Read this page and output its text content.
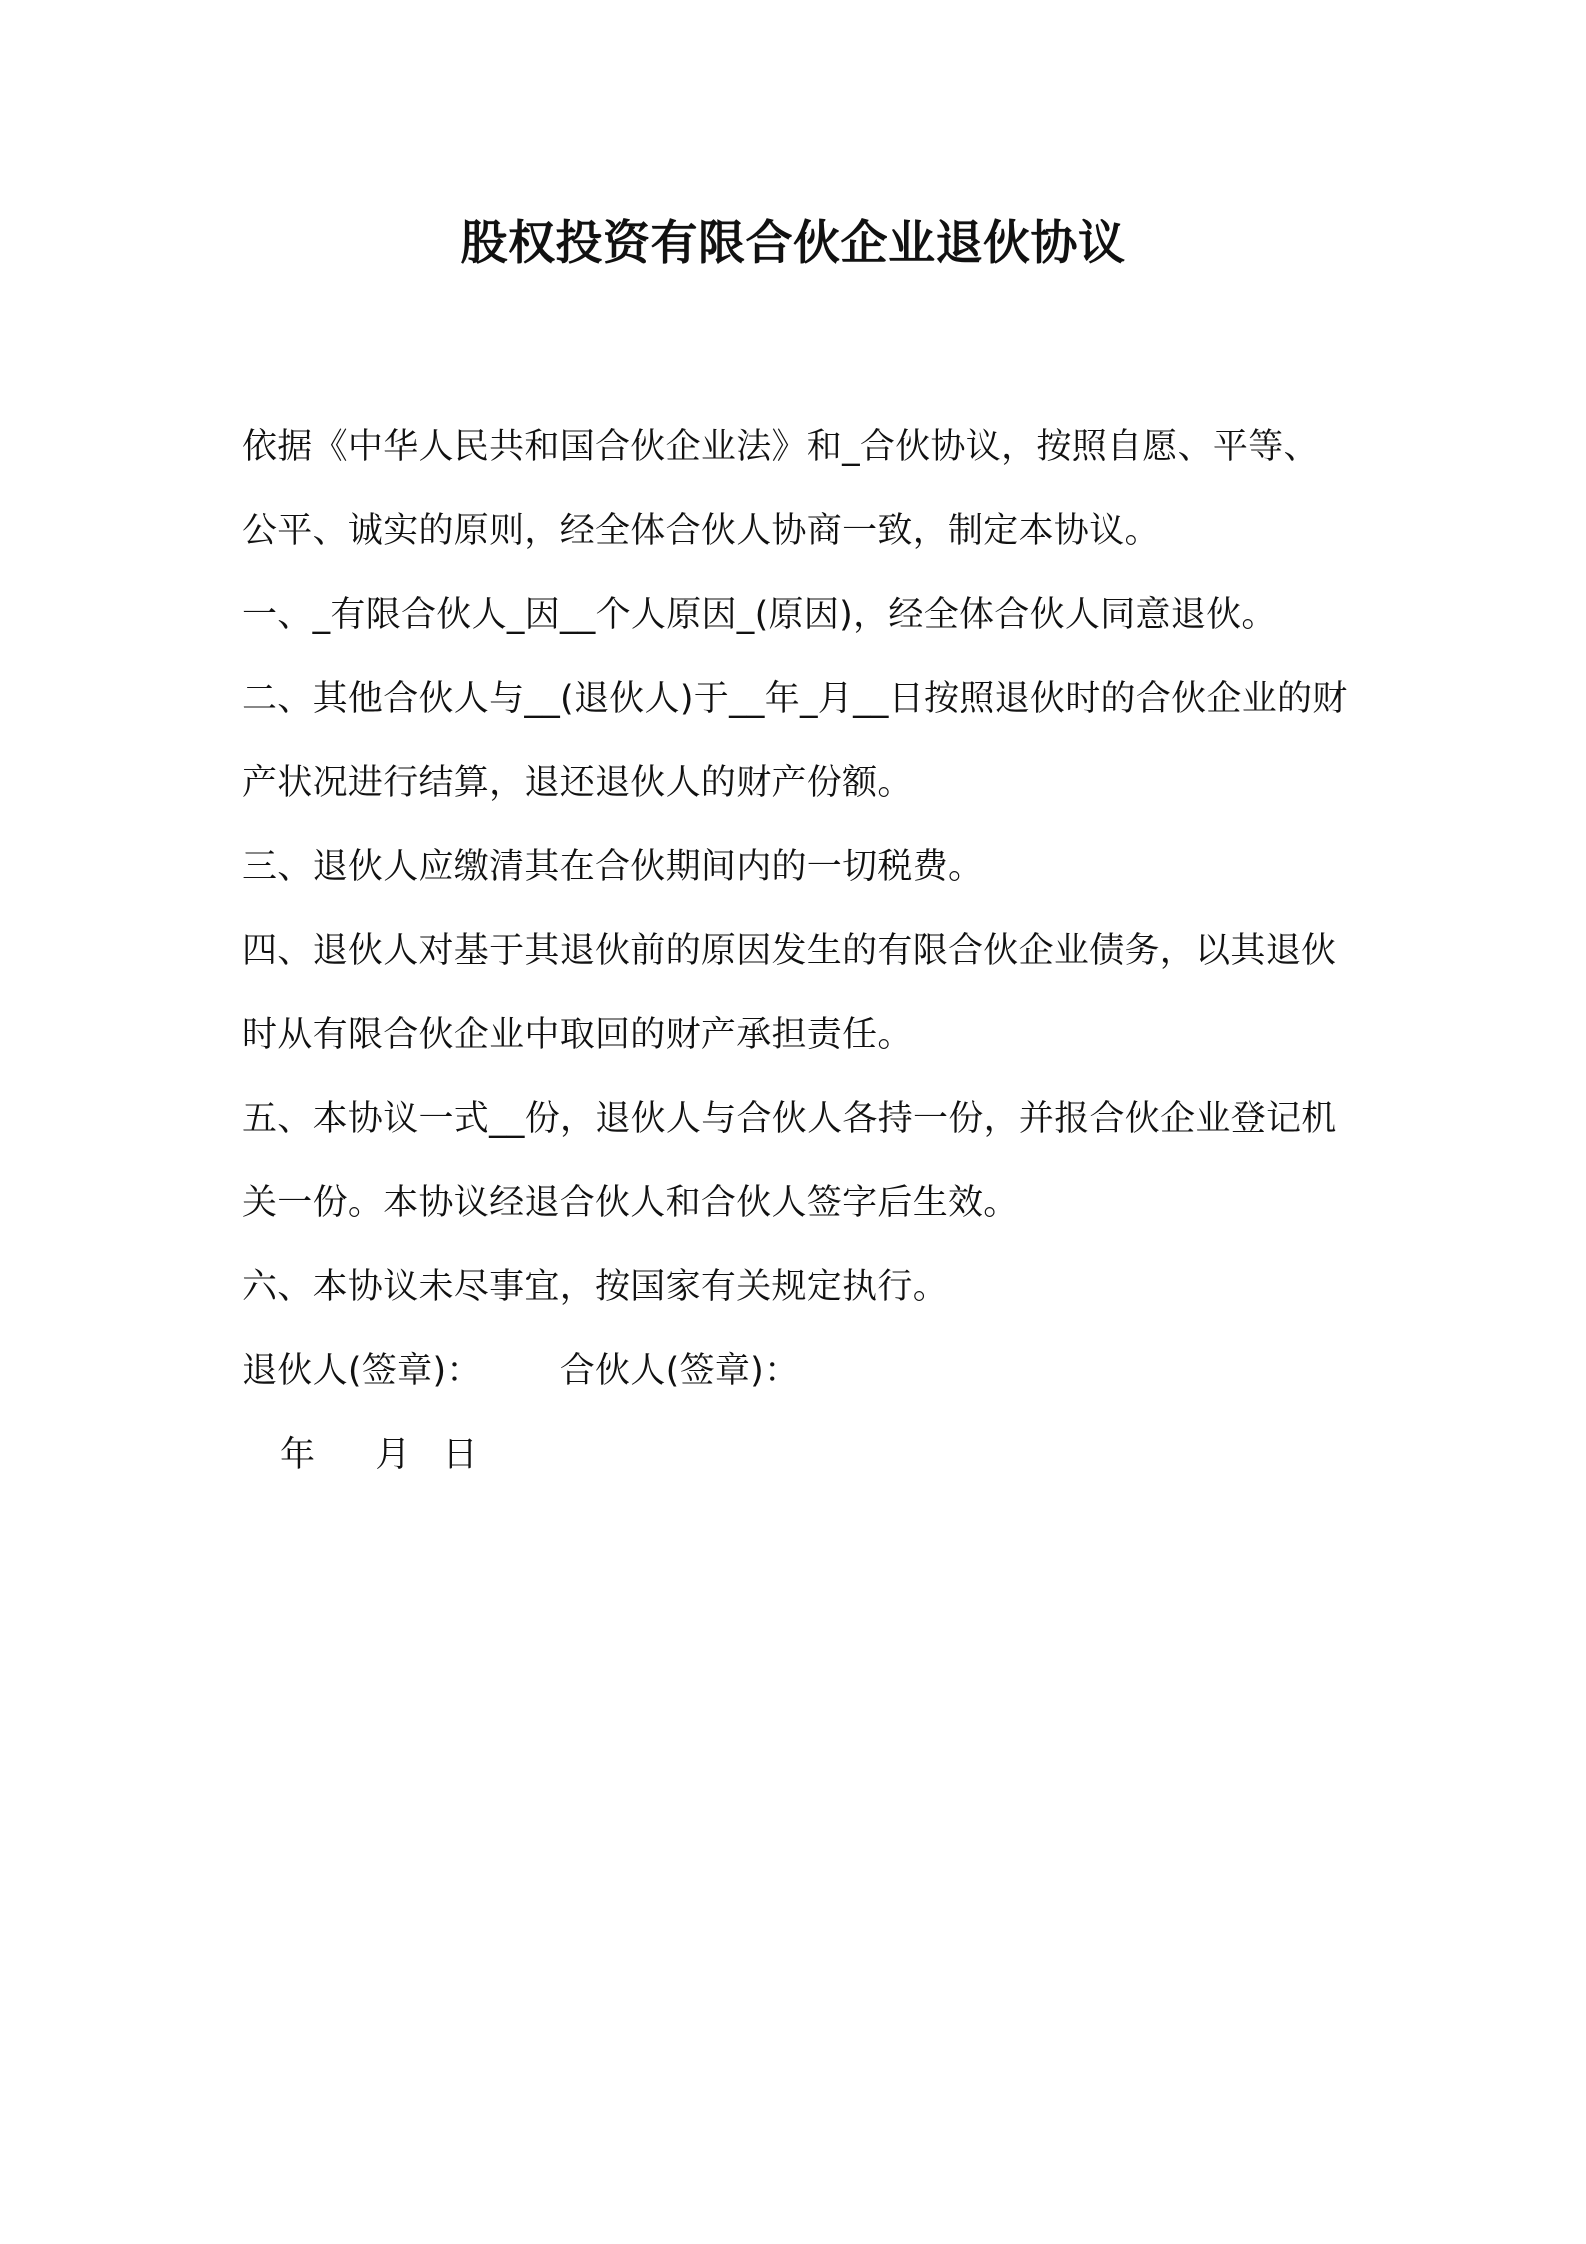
股权投资有限合伙企业退伙协议

依据《中华人民共和国合伙企业法》和_合伙协议，按照自愿、平等、公平、诚实的原则，经全体合伙人协商一致，制定本协议。

一、_有限合伙人_因__个人原因_(原因)，经全体合伙人同意退伙。

二、其他合伙人与__(退伙人)于__年_月__日按照退伙时的合伙企业的财产状况进行结算，退还退伙人的财产份额。

三、退伙人应缴清其在合伙期间内的一切税费。

四、退伙人对基于其退伙前的原因发生的有限合伙企业债务，以其退伙时从有限合伙企业中取回的财产承担责任。

五、本协议一式__份，退伙人与合伙人各持一份，并报合伙企业登记机关一份。本协议经退合伙人和合伙人签字后生效。

六、本协议未尽事宜，按国家有关规定执行。

退伙人(签章)： 合伙人(签章)：

年 月 日
